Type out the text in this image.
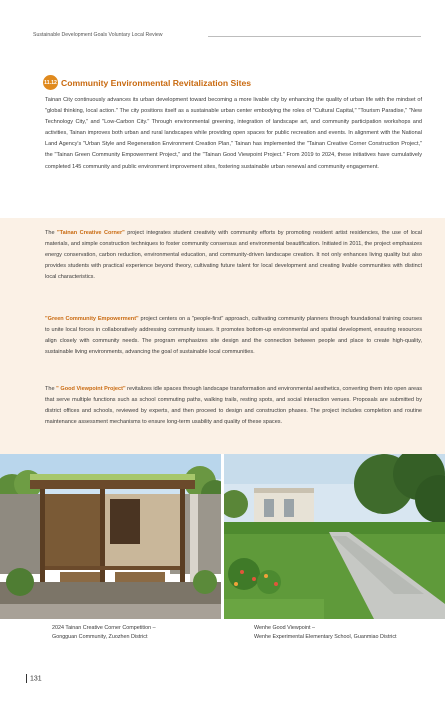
Sustainable Development Goals Voluntary Local Review
11.12 Community Environmental Revitalization Sites

Tainan City continuously advances its urban development toward becoming a more livable city by enhancing the quality of urban life with the mindset of "global thinking, local action." The city positions itself as a sustainable urban center embodying the roles of "Cultural Capital," "Tourism Paradise," "New Technology City," and "Low-Carbon City." Through environmental greening, integration of landscape art, and community participation workshops and activities, Tainan improves both urban and rural landscapes while providing open spaces for public recreation and events. In alignment with the National Land Agency's "Urban Style and Regeneration Environment Creation Plan," Tainan has implemented the "Tainan Creative Corner Construction Project," the "Tainan Green Community Empowerment Project," and the "Tainan Good Viewpoint Project." From 2019 to 2024, these initiatives have cumulatively completed 145 community and public environment improvement sites, fostering sustainable urban renewal and community engagement.

The "Tainan Creative Corner" project integrates student creativity with community efforts by promoting resident artist residencies, the use of local materials, and simple construction techniques to foster community consensus and environmental beautification. Initiated in 2011, the project emphasizes energy conservation, carbon reduction, environmental education, and community-driven landscape creation. It not only enhances living quality but also provides students with practical experience beyond theory, cultivating future talent for local development and creating livable communities with distinct local characteristics.

"Green Community Empowerment" project centers on a "people-first" approach, cultivating community planners through foundational training courses to unite local forces in collaboratively addressing community issues. It promotes bottom-up environmental and spatial development, ensuring resources align closely with community needs. The program emphasizes site design and the connection between people and place to create high-quality, sustainable living environments, advancing the goal of sustainable local communities.

The " Good Viewpoint Project" revitalizes idle spaces through landscape transformation and environmental aesthetics, converting them into open areas that serve multiple functions such as school commuting paths, walking trails, resting spots, and social interaction venues. Proposals are submitted by district offices and schools, reviewed by experts, and then proceed to design and construction phases. The project includes completion and routine maintenance assessment mechanisms to ensure long-term usability and quality of these spaces.

2024 Tainan Creative Corner Competition –
Gongguan Community, Zuozhen District
Wenhe Good Viewpoint –
Wenhe Experimental Elementary School, Guanmiao District
131
